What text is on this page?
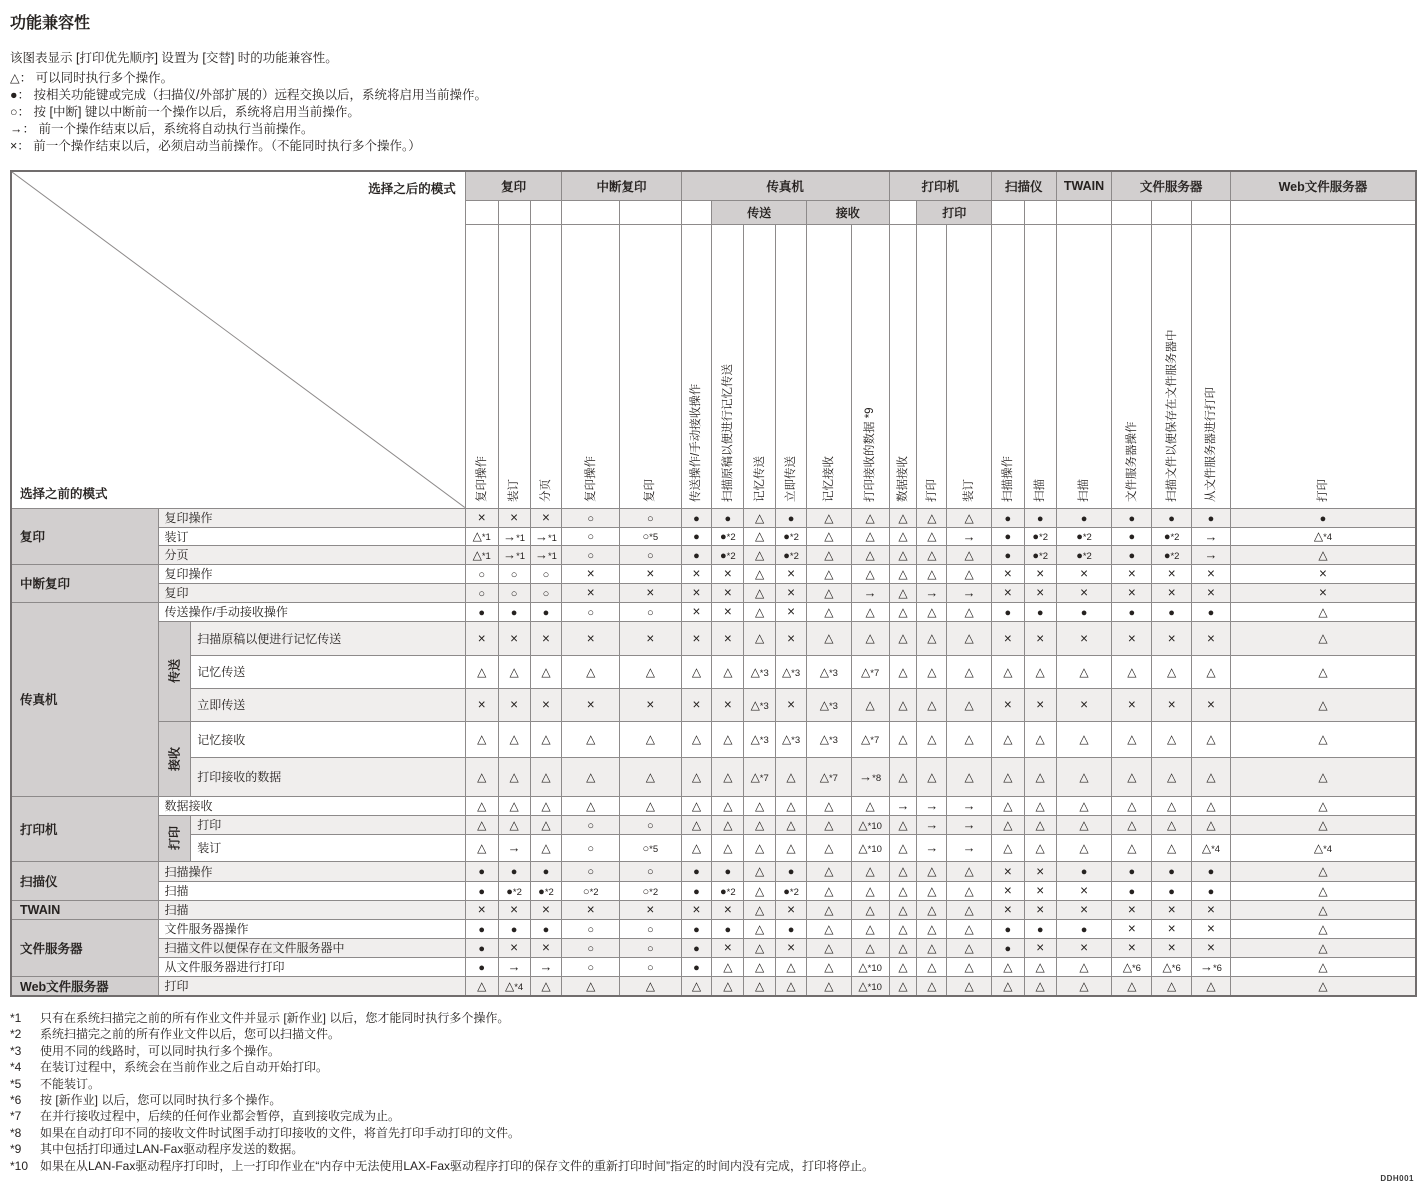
功能兼容性
该图表显示 [打印优先顺序] 设置为 [交替] 时的功能兼容性。
△： 可以同时执行多个操作。
●： 按相关功能键或完成（扫描仪/外部扩展的）远程交换以后，系统将启用当前操作。
○： 按 [中断] 键以中断前一个操作以后，系统将启用当前操作。
→： 前一个操作结束以后，系统将自动执行当前操作。
×： 前一个操作结束以后，必须启动当前操作。（不能同时执行多个操作。）
选择之后的模式
选择之前的模式			复印			中断复印		传真机						打印机			扫描仪		TWAIN	文件服务器			Web文件服务器
									传送			接收			打印								

			复印操作	装订	分页	复印操作	复印	传送操作/手动接收操作	扫描原稿以便进行记忆传送	记忆传送	立即传送	记忆接收	打印接收的数据 *9	数据接收	打印	装订	扫描操作	扫描	扫描	文件服务器操作	扫描文件以便保存在文件服务器中	从文件服务器进行打印	打印

复印	复印操作		×	×	×	○	○	●	●	△	●	△	△	△	△	△	●	●	●	●	●	●	●
	装订		△*1	→*1	→*1	○	○*5	●	●*2	△	●*2	△	△	△	△	→	●	●*2	●*2	●	●*2	→	△*4
	分页		△*1	→*1	→*1	○	○	●	●*2	△	●*2	△	△	△	△	△	●	●*2	●*2	●	●*2	→	△
中断复印	复印操作		○	○	○	×	×	×	×	△	×	△	△	△	△	△	×	×	×	×	×	×	×
	复印		○	○	○	×	×	×	×	△	×	△	→	△	→	→	×	×	×	×	×	×	×
传真机	传送操作/手动接收操作		●	●	●	○	○	×	×	△	×	△	△	△	△	△	●	●	●	●	●	●	△

	传送	扫描原稿以便进行记忆传送	×	×	×	×	×	×	×	△	×	△	△	△	△	△	×	×	×	×	×	×	△
		记忆传送	△	△	△	△	△	△	△	△*3	△*3	△*3	△*7	△	△	△	△	△	△	△	△	△	△
		立即传送	×	×	×	×	×	×	×	△*3	×	△*3	△	△	△	△	×	×	×	×	×	×	△

	接收	记忆接收	△	△	△	△	△	△	△	△*3	△*3	△*3	△*7	△	△	△	△	△	△	△	△	△	△
		打印接收的数据	△	△	△	△	△	△	△	△*7	△	△*7	→*8	△	△	△	△	△	△	△	△	△	△
打印机	数据接收		△	△	△	△	△	△	△	△	△	△	△	→	→	→	△	△	△	△	△	△	△

	打印	打印	△	△	△	○	○	△	△	△	△	△	△*10	△	→	→	△	△	△	△	△	△	△
		装订	△	→	△	○	○*5	△	△	△	△	△	△*10	△	→	→	△	△	△	△	△	△*4	△*4
扫描仪	扫描操作		●	●	●	○	○	●	●	△	●	△	△	△	△	△	×	×	●	●	●	●	△
	扫描		●	●*2	●*2	○*2	○*2	●	●*2	△	●*2	△	△	△	△	△	×	×	×	●	●	●	△
TWAIN	扫描		×	×	×	×	×	×	×	△	×	△	△	△	△	△	×	×	×	×	×	×	△
文件服务器	文件服务器操作		●	●	●	○	○	●	●	△	●	△	△	△	△	△	●	●	●	×	×	×	△
	扫描文件以便保存在文件服务器中		●	×	×	○	○	●	×	△	×	△	△	△	△	△	●	×	×	×	×	×	△
	从文件服务器进行打印		●	→	→	○	○	●	△	△	△	△	△*10	△	△	△	△	△	△	△*6	△*6	→*6	△
Web文件服务器	打印		△	△*4	△	△	△	△	△	△	△	△	△*10	△	△	△	△	△	△	△	△	△	△
*1	只有在系统扫描完之前的所有作业文件并显示 [新作业] 以后，您才能同时执行多个操作。
*2	系统扫描完之前的所有作业文件以后，您可以扫描文件。
*3	使用不同的线路时，可以同时执行多个操作。
*4	在装订过程中，系统会在当前作业之后自动开始打印。
*5	不能装订。
*6	按 [新作业] 以后，您可以同时执行多个操作。
*7	在并行接收过程中，后续的任何作业都会暂停，直到接收完成为止。
*8	如果在自动打印不同的接收文件时试图手动打印接收的文件，将首先打印手动打印的文件。
*9	其中包括打印通过LAN-Fax驱动程序发送的数据。
*10 如果在从LAN-Fax驱动程序打印时，上一打印作业在“内存中无法使用LAX-Fax驱动程序打印的保存文件的重新打印时间”指定的时间内没有完成，打印将停止。
DDH001
